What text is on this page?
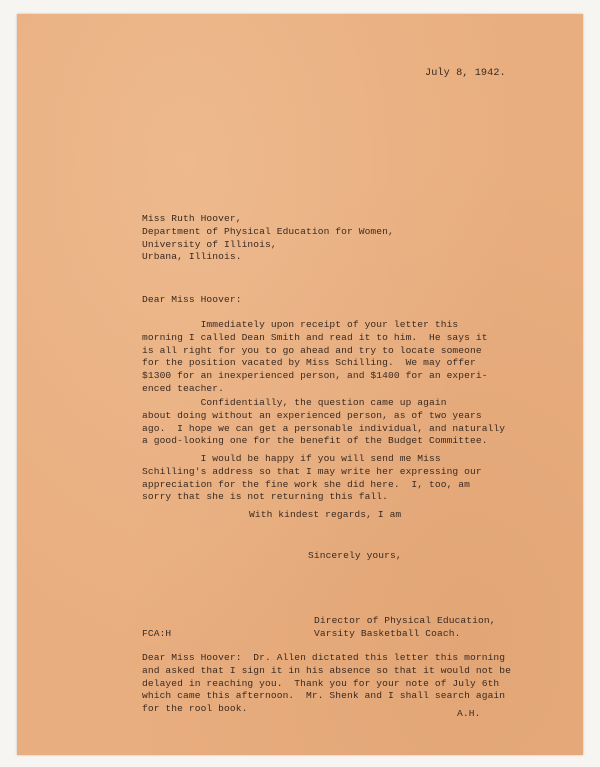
July 8, 1942.
Miss Ruth Hoover,
Department of Physical Education for Women,
University of Illinois,
Urbana, Illinois.
Dear Miss Hoover:
Immediately upon receipt of your letter this
morning I called Dean Smith and read it to him.  He says it
is all right for you to go ahead and try to locate someone
for the position vacated by Miss Schilling.  We may offer
$1300 for an inexperienced person, and $1400 for an experi-
enced teacher.
Confidentially, the question came up again
about doing without an experienced person, as of two years
ago.  I hope we can get a personable individual, and naturally
a good-looking one for the benefit of the Budget Committee.
I would be happy if you will send me Miss
Schilling's address so that I may write her expressing our
appreciation for the fine work she did here.  I, too, am
sorry that she is not returning this fall.
With kindest regards, I am
Sincerely yours,
Director of Physical Education,
Varsity Basketball Coach.
FCA:H
Dear Miss Hoover:  Dr. Allen dictated this letter this morning
and asked that I sign it in his absence so that it would not be
delayed in reaching you.  Thank you for your note of July 6th
which came this afternoon.  Mr. Shenk and I shall search again
for the rool book.	A.H.
